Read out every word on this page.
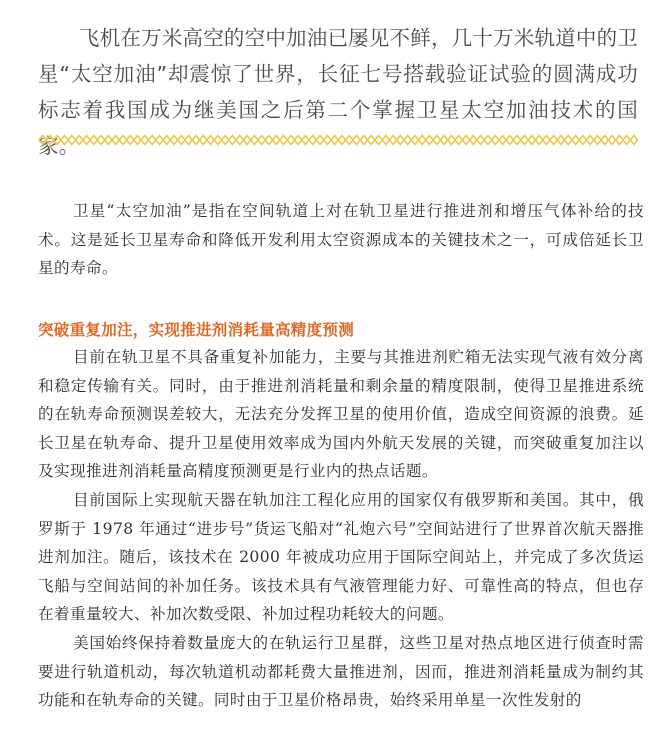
飞机在万米高空的空中加油已屡见不鲜，几十万米轨道中的卫星“太空加油”却震惊了世界，长征七号搭载验证试验的圆满成功标志着我国成为继美国之后第二个掌握卫星太空加油技术的国家。

卫星“太空加油”是指在空间轨道上对在轨卫星进行推进剂和增压气体补给的技术。这是延长卫星寿命和降低开发利用太空资源成本的关键技术之一，可成倍延长卫星的寿命。

突破重复加注，实现推进剂消耗量高精度预测

目前在轨卫星不具备重复补加能力，主要与其推进剂贮箱无法实现气液有效分离和稳定传输有关。同时，由于推进剂消耗量和剩余量的精度限制，使得卫星推进系统的在轨寿命预测误差较大，无法充分发挥卫星的使用价值，造成空间资源的浪费。延长卫星在轨寿命、提升卫星使用效率成为国内外航天发展的关键，而突破重复加注以及实现推进剂消耗量高精度预测更是行业内的热点话题。

目前国际上实现航天器在轨加注工程化应用的国家仅有俄罗斯和美国。其中，俄罗斯于 1978 年通过“进步号”货运飞船对“礼炮六号”空间站进行了世界首次航天器推进剂加注。随后，该技术在 2000 年被成功应用于国际空间站上，并完成了多次货运飞船与空间站间的补加任务。该技术具有气液管理能力好、可靠性高的特点，但也存在着重量较大、补加次数受限、补加过程功耗较大的问题。

美国始终保持着数量庞大的在轨运行卫星群，这些卫星对热点地区进行侦查时需要进行轨道机动，每次轨道机动都耗费大量推进剂，因而，推进剂消耗量成为制约其功能和在轨寿命的关键。同时由于卫星价格昂贵，始终采用单星一次性发射的
